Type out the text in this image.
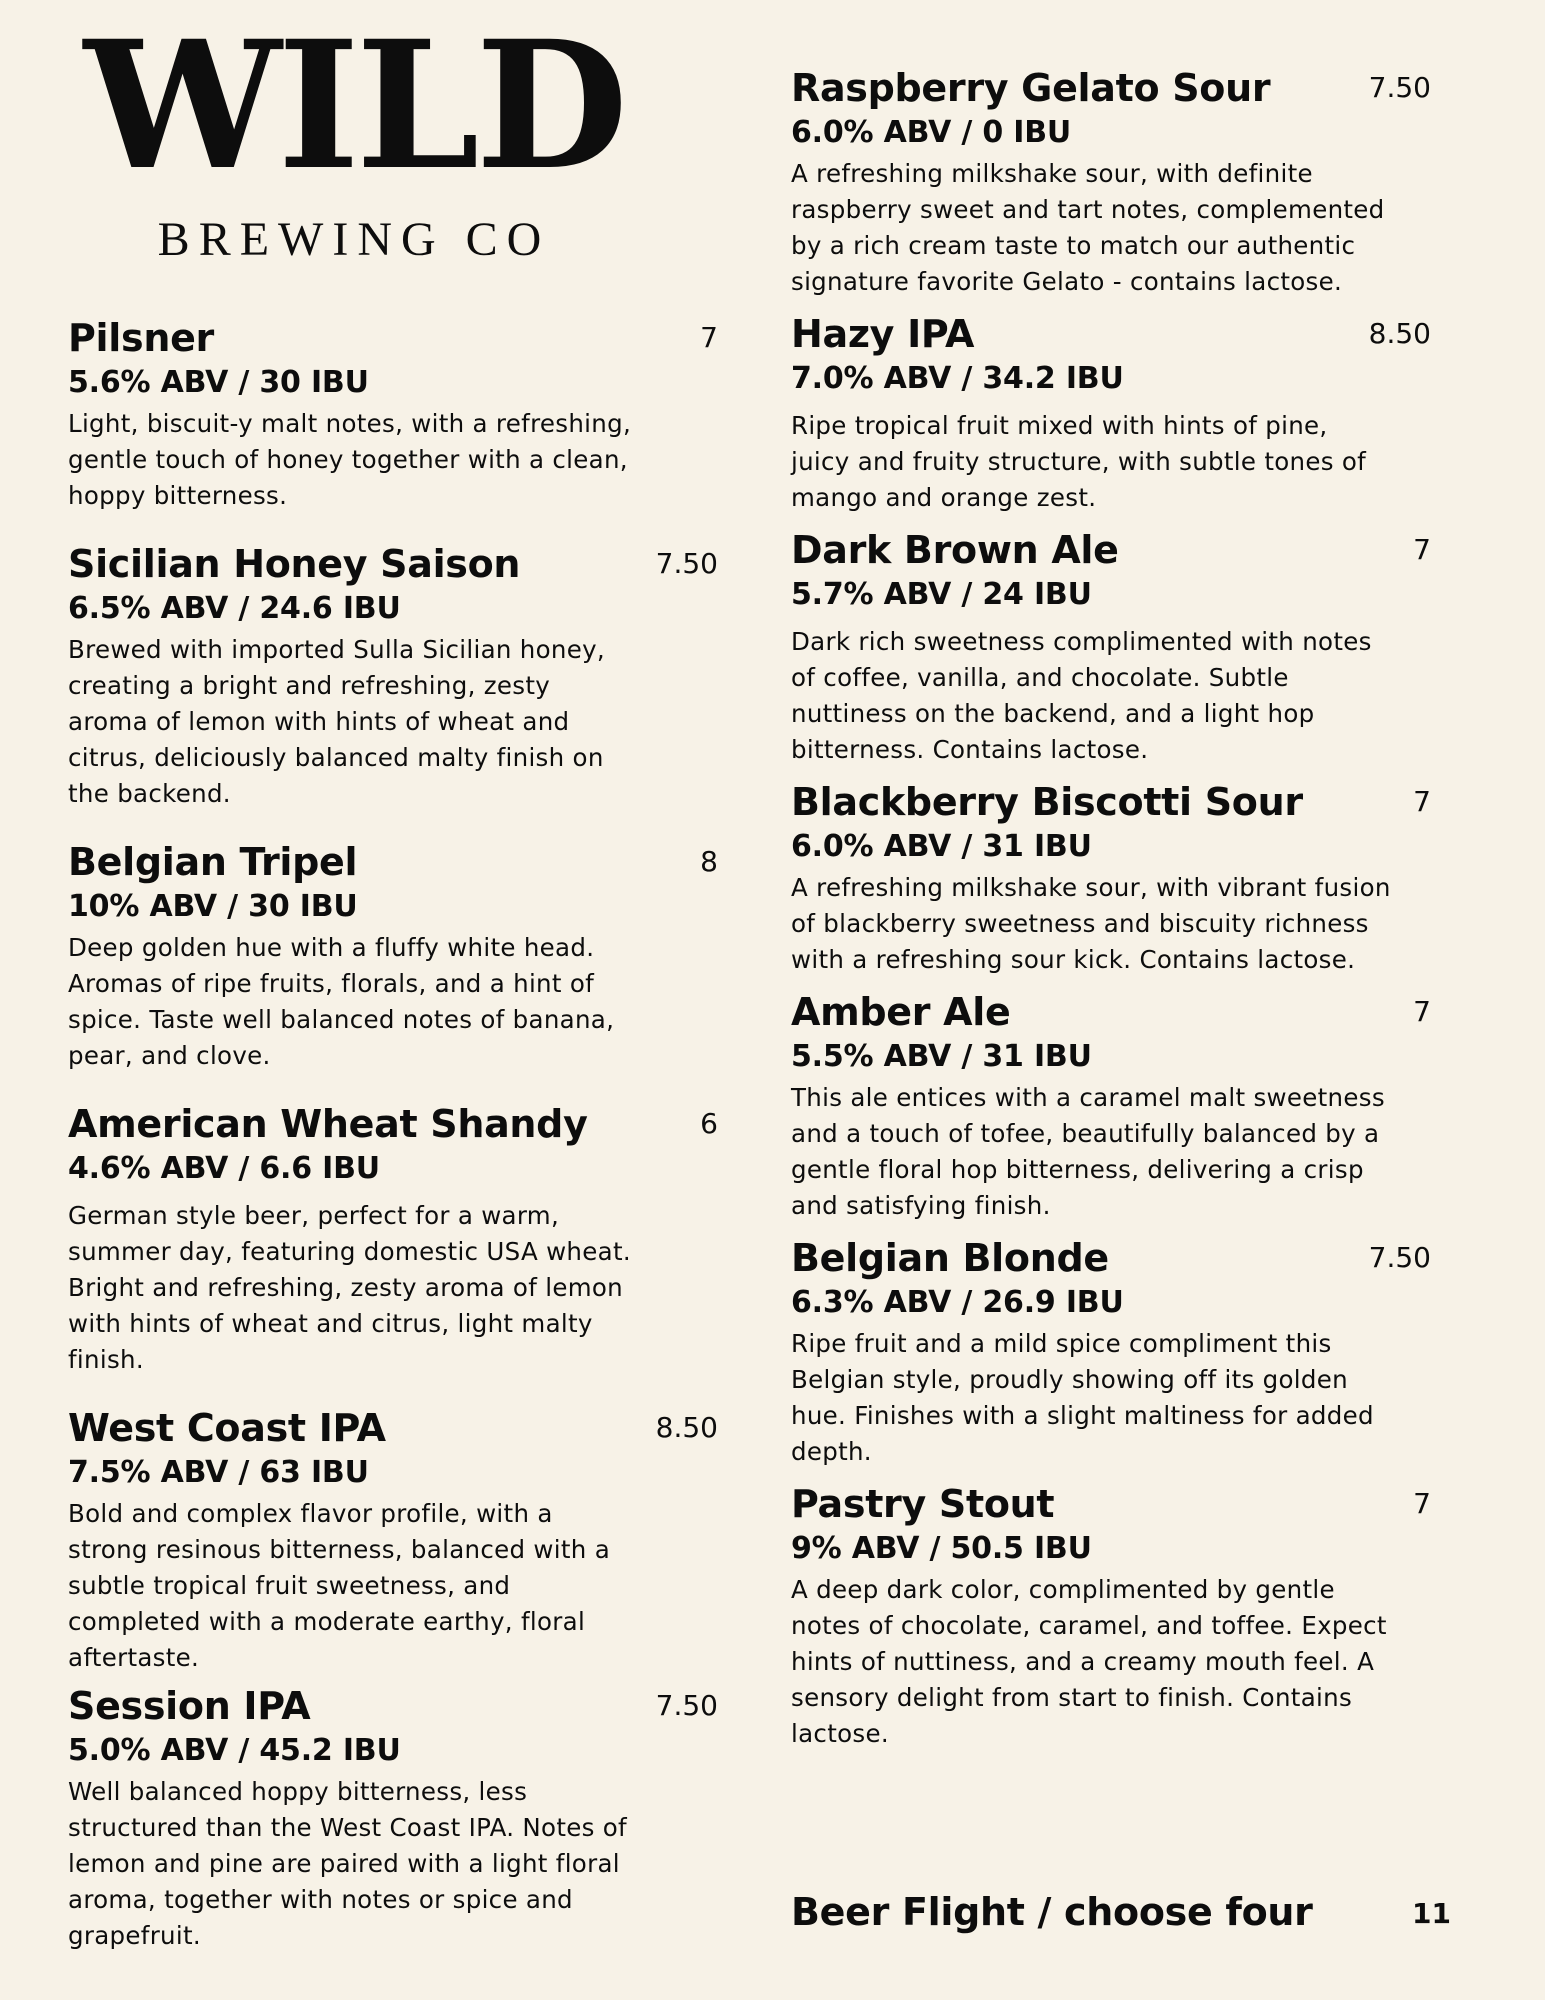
WILD
BREWING CO
Pilsner	7
5.6% ABV / 30 IBU
Light, biscuit-y malt notes, with a refreshing, gentle touch of honey together with a clean, hoppy bitterness.
Sicilian Honey Saison	7.50
6.5% ABV / 24.6 IBU
Brewed with imported Sulla Sicilian honey, creating a bright and refreshing, zesty aroma of lemon with hints of wheat and citrus, deliciously balanced malty finish on the backend.
Belgian Tripel	8
10% ABV / 30 IBU
Deep golden hue with a fluffy white head. Aromas of ripe fruits, florals, and a hint of spice. Taste well balanced notes of banana, pear, and clove.
American Wheat Shandy	6
4.6% ABV / 6.6 IBU
German style beer, perfect for a warm, summer day, featuring domestic USA wheat. Bright and refreshing, zesty aroma of lemon with hints of wheat and citrus, light malty finish.
West Coast IPA	8.50
7.5% ABV / 63 IBU
Bold and complex flavor profile, with a strong resinous bitterness, balanced with a subtle tropical fruit sweetness, and completed with a moderate earthy, floral aftertaste.
Session IPA	7.50
5.0% ABV / 45.2 IBU
Well balanced hoppy bitterness, less structured than the West Coast IPA. Notes of lemon and pine are paired with a light floral aroma, together with notes or spice and grapefruit.
Raspberry Gelato Sour	7.50
6.0% ABV / 0 IBU
A refreshing milkshake sour, with definite raspberry sweet and tart notes, complemented by a rich cream taste to match our authentic signature favorite Gelato - contains lactose.
Hazy IPA	8.50
7.0% ABV / 34.2 IBU
Ripe tropical fruit mixed with hints of pine, juicy and fruity structure, with subtle tones of mango and orange zest.
Dark Brown Ale	7
5.7% ABV / 24 IBU
Dark rich sweetness complimented with notes of coffee, vanilla, and chocolate. Subtle nuttiness on the backend, and a light hop bitterness. Contains lactose.
Blackberry Biscotti Sour	7
6.0% ABV / 31 IBU
A refreshing milkshake sour, with vibrant fusion of blackberry sweetness and biscuity richness with a refreshing sour kick. Contains lactose.
Amber Ale	7
5.5% ABV / 31 IBU
This ale entices with a caramel malt sweetness and a touch of tofee, beautifully balanced by a gentle floral hop bitterness, delivering a crisp and satisfying finish.
Belgian Blonde	7.50
6.3% ABV / 26.9 IBU
Ripe fruit and a mild spice compliment this Belgian style, proudly showing off its golden hue. Finishes with a slight maltiness for added depth.
Pastry Stout	7
9% ABV / 50.5 IBU
A deep dark color, complimented by gentle notes of chocolate, caramel, and toffee. Expect hints of nuttiness, and a creamy mouth feel. A sensory delight from start to finish. Contains lactose.
Beer Flight / choose four	11
